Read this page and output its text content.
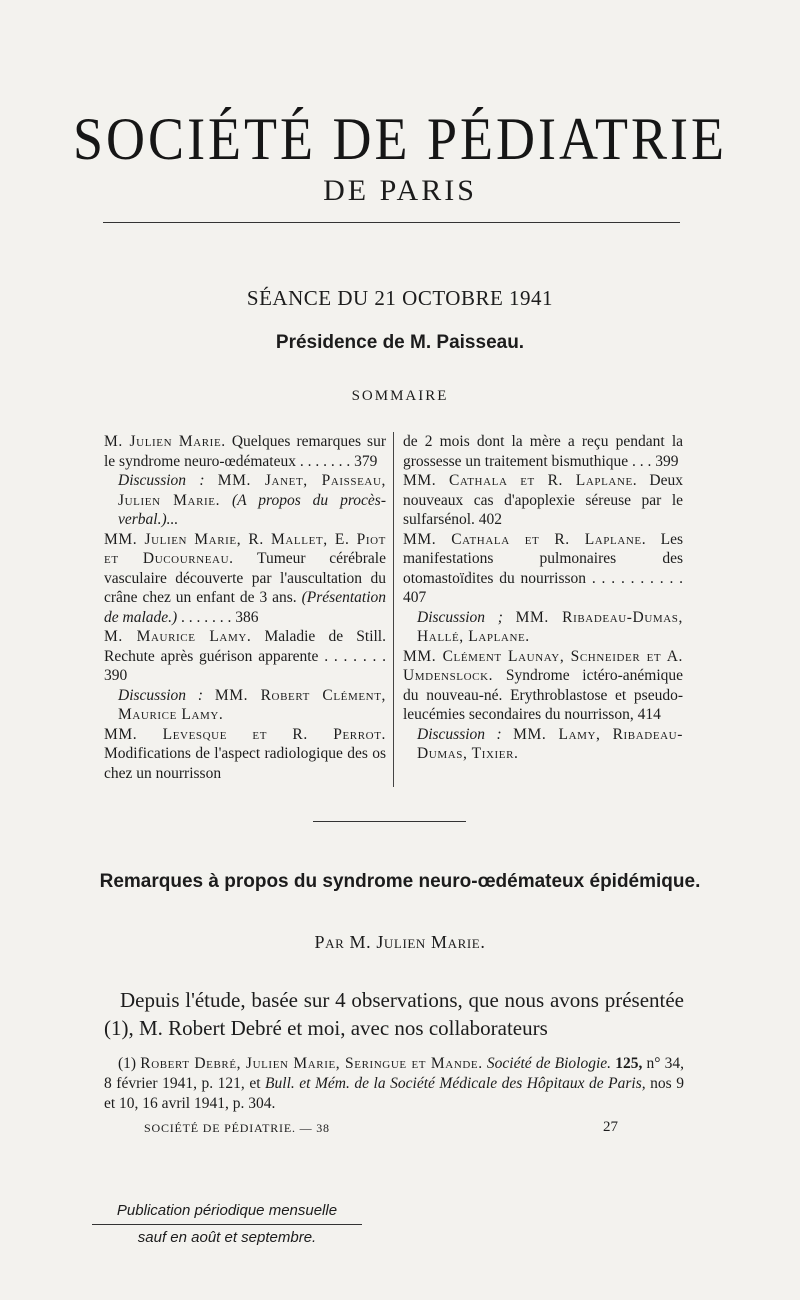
SOCIÉTÉ DE PÉDIATRIE
DE PARIS
SÉANCE DU 21 OCTOBRE 1941
Présidence de M. Paisseau.
SOMMAIRE

M. Julien Marie. Quelques remarques sur le syndrome neuro-œdémateux . . . . . . . 379
Discussion : MM. Janet, Paisseau, Julien Marie. (A propos du procès-verbal.)...

MM. Julien Marie, R. Mallet, E. Piot et Ducourneau. Tumeur cérébrale vasculaire découverte par l'auscultation du crâne chez un enfant de 3 ans. (Présentation de malade.) . . . . . . . 386

M. Maurice Lamy. Maladie de Still. Rechute après guérison apparente . . . . . . . 390
Discussion : MM. Robert Clément, Maurice Lamy.

MM. Levesque et R. Perrot. Modifications de l'aspect radiologique des os chez un nourrisson

de 2 mois dont la mère a reçu pendant la grossesse un traitement bismuthique . . . 399

MM. Cathala et R. Laplane. Deux nouveaux cas d'apoplexie séreuse par le sulfarsénol. 402

MM. Cathala et R. Laplane. Les manifestations pulmonaires des otomastoïdites du nourrisson . . . . . . . . . . 407
Discussion ; MM. Ribadeau-Dumas, Hallé, Laplane.

MM. Clément Launay, Schneider et A. Umdenslock. Syndrome ictéro-anémique du nouveau-né. Erythroblastose et pseudo-leucémies secondaires du nourrisson, 414
Discussion : MM. Lamy, Ribadeau-Dumas, Tixier.

Remarques à propos du syndrome neuro-œdémateux épidémique.
Par M. Julien Marie.
Depuis l'étude, basée sur 4 observations, que nous avons présentée (1), M. Robert Debré et moi, avec nos collaborateurs
(1) Robert Debré, Julien Marie, Seringue et Mande. Société de Biologie. 125, n° 34, 8 février 1941, p. 121, et Bull. et Mém. de la Société Médicale des Hôpitaux de Paris, nos 9 et 10, 16 avril 1941, p. 304.
SOCIÉTÉ DE PÉDIATRIE. — 38	27
Publication périodique mensuelle
sauf en août et septembre.
